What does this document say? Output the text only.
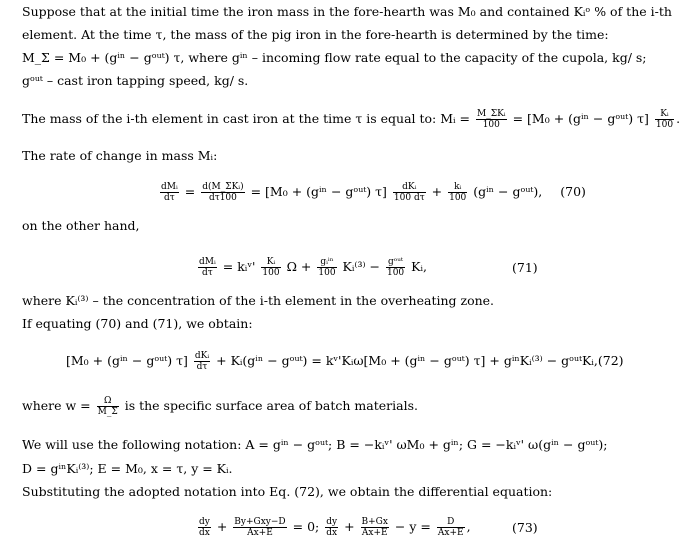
Suppose that at the initial time the iron mass in the fore-hearth was M₀ and contained Kᵢᵒ % of the i-th
element. At the time τ, the mass of the pig iron in the fore-hearth is determined by the time:
M_Σ = M₀ + (gⁱⁿ − gᵒᵘᵗ) τ, where gⁱⁿ – incoming flow rate equal to the capacity of the cupola, kg/ s;
gᵒᵘᵗ – cast iron tapping speed, kg/ s.
The mass of the i-th element in cast iron at the time τ is equal to: Mᵢ = $\frac{\text{M\_ΣKᵢ}}{100} = [M_0 + (g^{in}$ − gᵒᵘᵗ) $\tau] \frac{\text{Kᵢ}}{100}$ .
The rate of change in mass Mᵢ:
$\frac{\text{dMᵢ}}{d\tau} = \frac{\text{d(M\_ΣKᵢ)}}{d\tau 100} = [M_0 + (g^{in}$ − gᵒᵘᵗ) $\tau] \frac{\text{dKᵢ}}{100 d\tau} + \frac{\text{kᵢ}}{100} (g^{in}$ − gᵒᵘᵗ), (70)
on the other hand,
$\frac{\text{dMᵢ}}{d\tau}$ = kᵢᵛ' $\frac{\text{Kᵢ}}{100}$ $\Omega + \frac{\text{gᵢⁱⁿ}}{100}$ Kᵢ⁽³⁾ − $\frac{\text{gᵒᵘᵗ}}{100}$ Kᵢ,	(71)
where Kᵢ⁽³⁾ – the concentration of the i-th element in the overheating zone.
If equating (70) and (71), we obtain:
[M₀ + (gⁱⁿ − gᵒᵘᵗ) $\tau] \frac{\text{dKᵢ}}{d\tau}$ + Kᵢ(gⁱⁿ − gᵒᵘᵗ) = kᵛ'Kᵢω[M₀ + (gⁱⁿ − gᵒᵘᵗ) τ] + gⁱⁿKᵢ⁽³⁾ − gᵒᵘᵗKᵢ,(72)
where $w = \frac{\Omega}{M\_\Sigma}$ is the specific surface area of batch materials.
We will use the following notation: A = gⁱⁿ − gᵒᵘᵗ; B = −kᵢᵛ' ωM₀ + gⁱⁿ; G = −kᵢᵛ' ω(gⁱⁿ − gᵒᵘᵗ);
D = gⁱⁿKᵢ⁽³⁾; E = M₀, x = τ, y = Kᵢ.
Substituting the adopted notation into Eq. (72), we obtain the differential equation:
$\frac{dy}{dx} + \frac{\text{By+Gxy−D}}{Ax+E} = 0$; $\frac{dy}{dx} + \frac{B+Gx}{Ax+E} - y = \frac{D}{Ax+E}$ ,	(73)
